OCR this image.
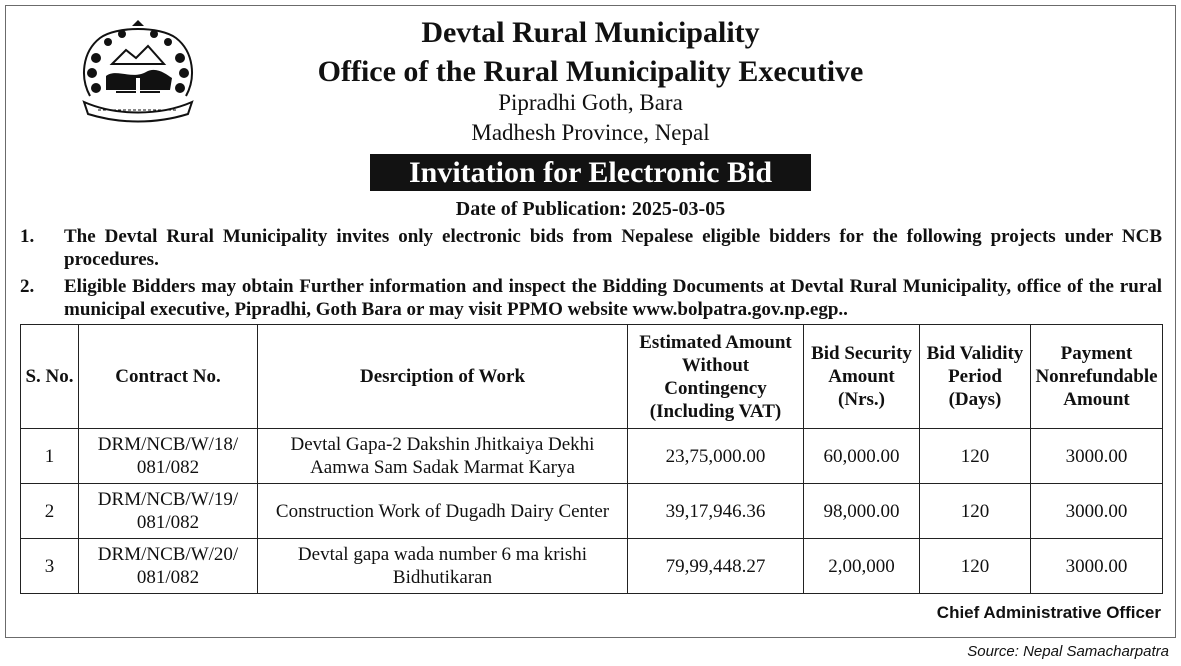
Devtal Rural Municipality
Office of the Rural Municipality Executive
Pipradhi Goth, Bara
Madhesh Province, Nepal
Invitation for Electronic Bid
Date of Publication: 2025-03-05
1.	The Devtal Rural Municipality invites only electronic bids from Nepalese eligible bidders for the following projects under NCB procedures.
2.	Eligible Bidders may obtain Further information and inspect the Bidding Documents at Devtal Rural Municipality, office of the rural municipal executive, Pipradhi, Goth Bara or may visit PPMO website www.bolpatra.gov.np.egp..
S. No.	Contract No.	Desrciption of Work	Estimated Amount Without Contingency (Including VAT)	Bid Security Amount (Nrs.)	Bid Validity Period (Days)	Payment Nonrefundable Amount
1	DRM/NCB/W/18/ 081/082	Devtal Gapa-2 Dakshin Jhitkaiya Dekhi Aamwa Sam Sadak Marmat Karya	23,75,000.00	60,000.00	120	3000.00
2	DRM/NCB/W/19/ 081/082	Construction Work of Dugadh Dairy Center	39,17,946.36	98,000.00	120	3000.00
3	DRM/NCB/W/20/ 081/082	Devtal gapa wada number 6 ma krishi Bidhutikaran	79,99,448.27	2,00,000	120	3000.00
Chief Administrative Officer
Source: Nepal Samacharpatra
